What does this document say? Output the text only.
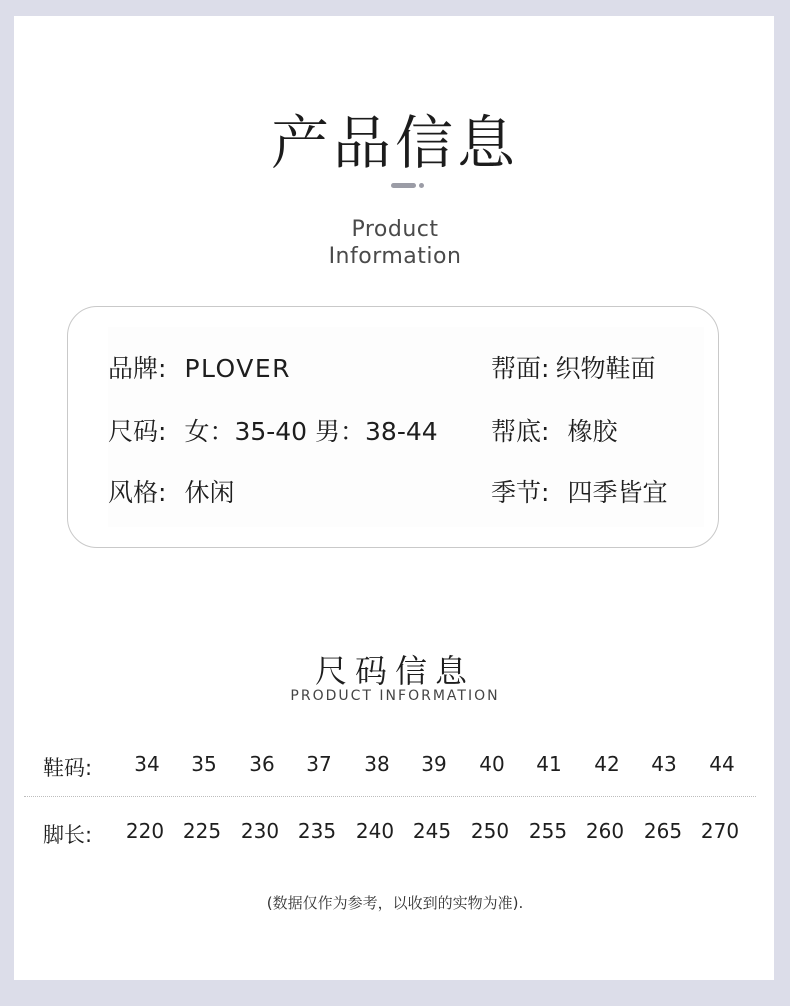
产品信息
Product
Information
品牌: PLOVER	帮面: 织物鞋面
尺码: 女：35-40 男：38-44 帮底: 橡胶
风格: 休闲	季节: 四季皆宜
尺码信息
PRODUCT INFORMATION
鞋码:	34	35	36	37	38	39	40	41	42	43	44
脚长:	220 225 230 235 240 245 250 255 260 265 270
(数据仅作为参考，以收到的实物为准).
